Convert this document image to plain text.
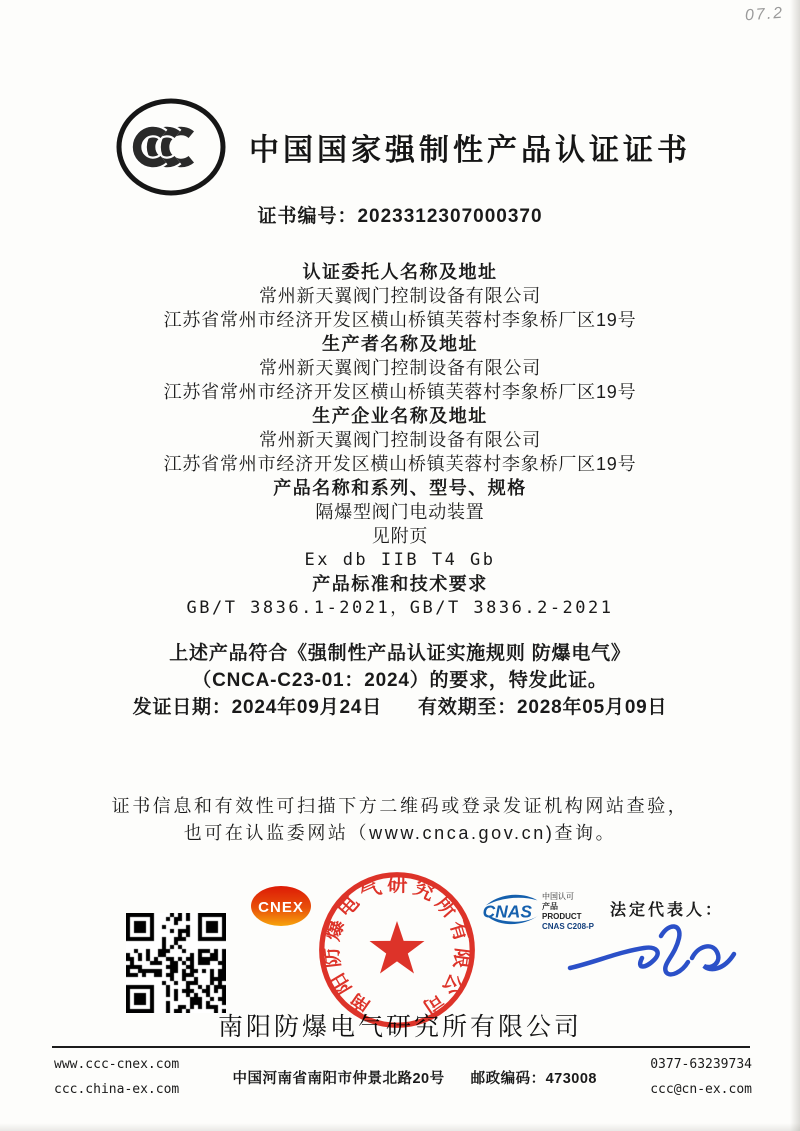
07.2
中国国家强制性产品认证证书
证书编号：2023312307000370
认证委托人名称及地址
常州新天翼阀门控制设备有限公司
江苏省常州市经济开发区横山桥镇芙蓉村李象桥厂区19号
生产者名称及地址
常州新天翼阀门控制设备有限公司
江苏省常州市经济开发区横山桥镇芙蓉村李象桥厂区19号
生产企业名称及地址
常州新天翼阀门控制设备有限公司
江苏省常州市经济开发区横山桥镇芙蓉村李象桥厂区19号
产品名称和系列、型号、规格
隔爆型阀门电动装置
见附页
Ex db IIB T4 Gb
产品标准和技术要求
GB/T 3836.1-2021，GB/T 3836.2-2021
上述产品符合《强制性产品认证实施规则 防爆电气》
（CNCA-C23-01：2024）的要求，特发此证。
发证日期：2024年09月24日 有效期至：2028年05月09日
证书信息和有效性可扫描下方二维码或登录发证机构网站查验，
也可在认监委网站（www.cnca.gov.cn)查询。
CNEX
南阳防爆电气研究所有限公司
CNAS
中国认可
产品
PRODUCT
CNAS C208-P
法定代表人：
南阳防爆电气研究所有限公司
www.ccc-cnex.com
ccc.china-ex.com
中国河南省南阳市仲景北路20号 邮政编码：473008
0377-63239734
ccc@cn-ex.com
